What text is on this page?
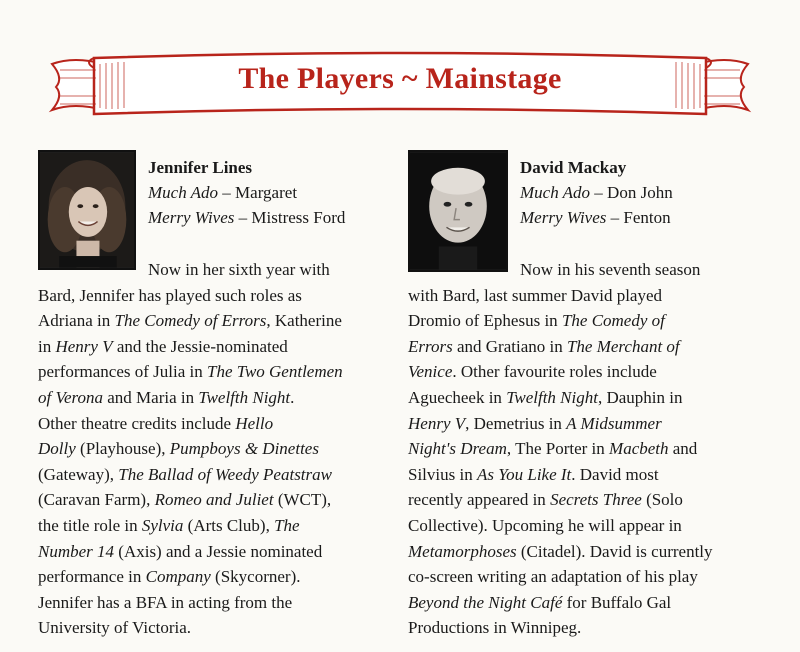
The Players ~ Mainstage
Jennifer Lines
Much Ado – Margaret
Merry Wives – Mistress Ford
Now in her sixth year with
Bard, Jennifer has played such roles as
Adriana in The Comedy of Errors, Katherine
in Henry V and the Jessie-nominated
performances of Julia in The Two Gentlemen
of Verona and Maria in Twelfth Night.
Other theatre credits include Hello
Dolly (Playhouse), Pumpboys & Dinettes
(Gateway), The Ballad of Weedy Peatstraw
(Caravan Farm), Romeo and Juliet (WCT),
the title role in Sylvia (Arts Club), The
Number 14 (Axis) and a Jessie nominated
performance in Company (Skycorner).
Jennifer has a BFA in acting from the
University of Victoria.
David Mackay
Much Ado – Don John
Merry Wives – Fenton
Now in his seventh season
with Bard, last summer David played
Dromio of Ephesus in The Comedy of
Errors and Gratiano in The Merchant of
Venice. Other favourite roles include
Aguecheek in Twelfth Night, Dauphin in
Henry V, Demetrius in A Midsummer
Night's Dream, The Porter in Macbeth and
Silvius in As You Like It. David most
recently appeared in Secrets Three (Solo
Collective). Upcoming he will appear in
Metamorphoses (Citadel). David is currently
co-screen writing an adaptation of his play
Beyond the Night Café for Buffalo Gal
Productions in Winnipeg.
